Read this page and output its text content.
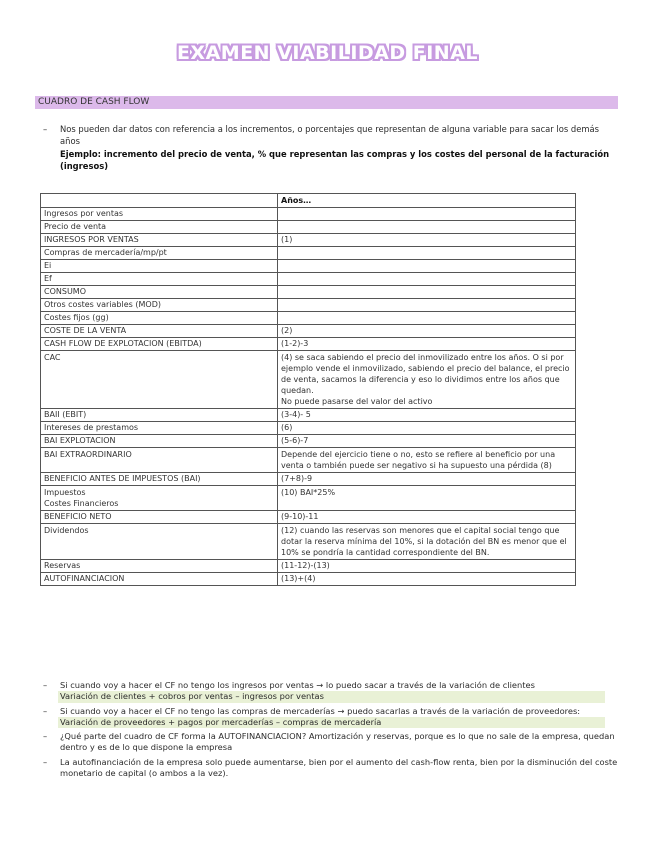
EXAMEN VIABILIDAD FINAL
CUADRO DE CASH FLOW
– Nos pueden dar datos con referencia a los incrementos, o porcentajes que representan de alguna variable para sacar los demás años
Ejemplo: incremento del precio de venta, % que representan las compras y los costes del personal de la facturación (ingresos)
	Años…
Ingresos por ventas	
Precio de venta	
INGRESOS POR VENTAS	(1)
Compras de mercadería/mp/pt	
Ei	
Ef	
CONSUMO	
Otros costes variables (MOD)	
Costes fijos (gg)	
COSTE DE LA VENTA	(2)
CASH FLOW DE EXPLOTACION (EBITDA)	(1-2)-3
CAC	(4) se saca sabiendo el precio del inmovilizado entre los años. O si por ejemplo vende el inmovilizado, sabiendo el precio del balance, el precio de venta, sacamos la diferencia y eso lo dividimos entre los años que quedan.
No puede pasarse del valor del activo
BAII (EBIT)	(3-4)- 5
Intereses de prestamos	(6)
BAI EXPLOTACION	(5-6)-7
BAI EXTRAORDINARIO	Depende del ejercicio tiene o no, esto se refiere al beneficio por una venta o también puede ser negativo si ha supuesto una pérdida (8)
BENEFICIO ANTES DE IMPUESTOS (BAI)	(7+8)-9
Impuestos
Costes Financieros	(10) BAI*25%
BENEFICIO NETO	(9-10)-11
Dividendos	(12) cuando las reservas son menores que el capital social tengo que dotar la reserva mínima del 10%, si la dotación del BN es menor que el 10% se pondría la cantidad correspondiente del BN.
Reservas	(11-12)-(13)
AUTOFINANCIACION	(13)+(4)
– Si cuando voy a hacer el CF no tengo los ingresos por ventas → lo puedo sacar a través de la variación de clientes
Variación de clientes + cobros por ventas – ingresos por ventas
– Si cuando voy a hacer el CF no tengo las compras de mercaderías → puedo sacarlas a través de la variación de proveedores:
Variación de proveedores + pagos por mercaderías – compras de mercadería
– ¿Qué parte del cuadro de CF forma la AUTOFINANCIACION? Amortización y reservas, porque es lo que no sale de la empresa, quedan dentro y es de lo que dispone la empresa
– La autofinanciación de la empresa solo puede aumentarse, bien por el aumento del cash-flow renta, bien por la disminución del coste monetario de capital (o ambos a la vez).
